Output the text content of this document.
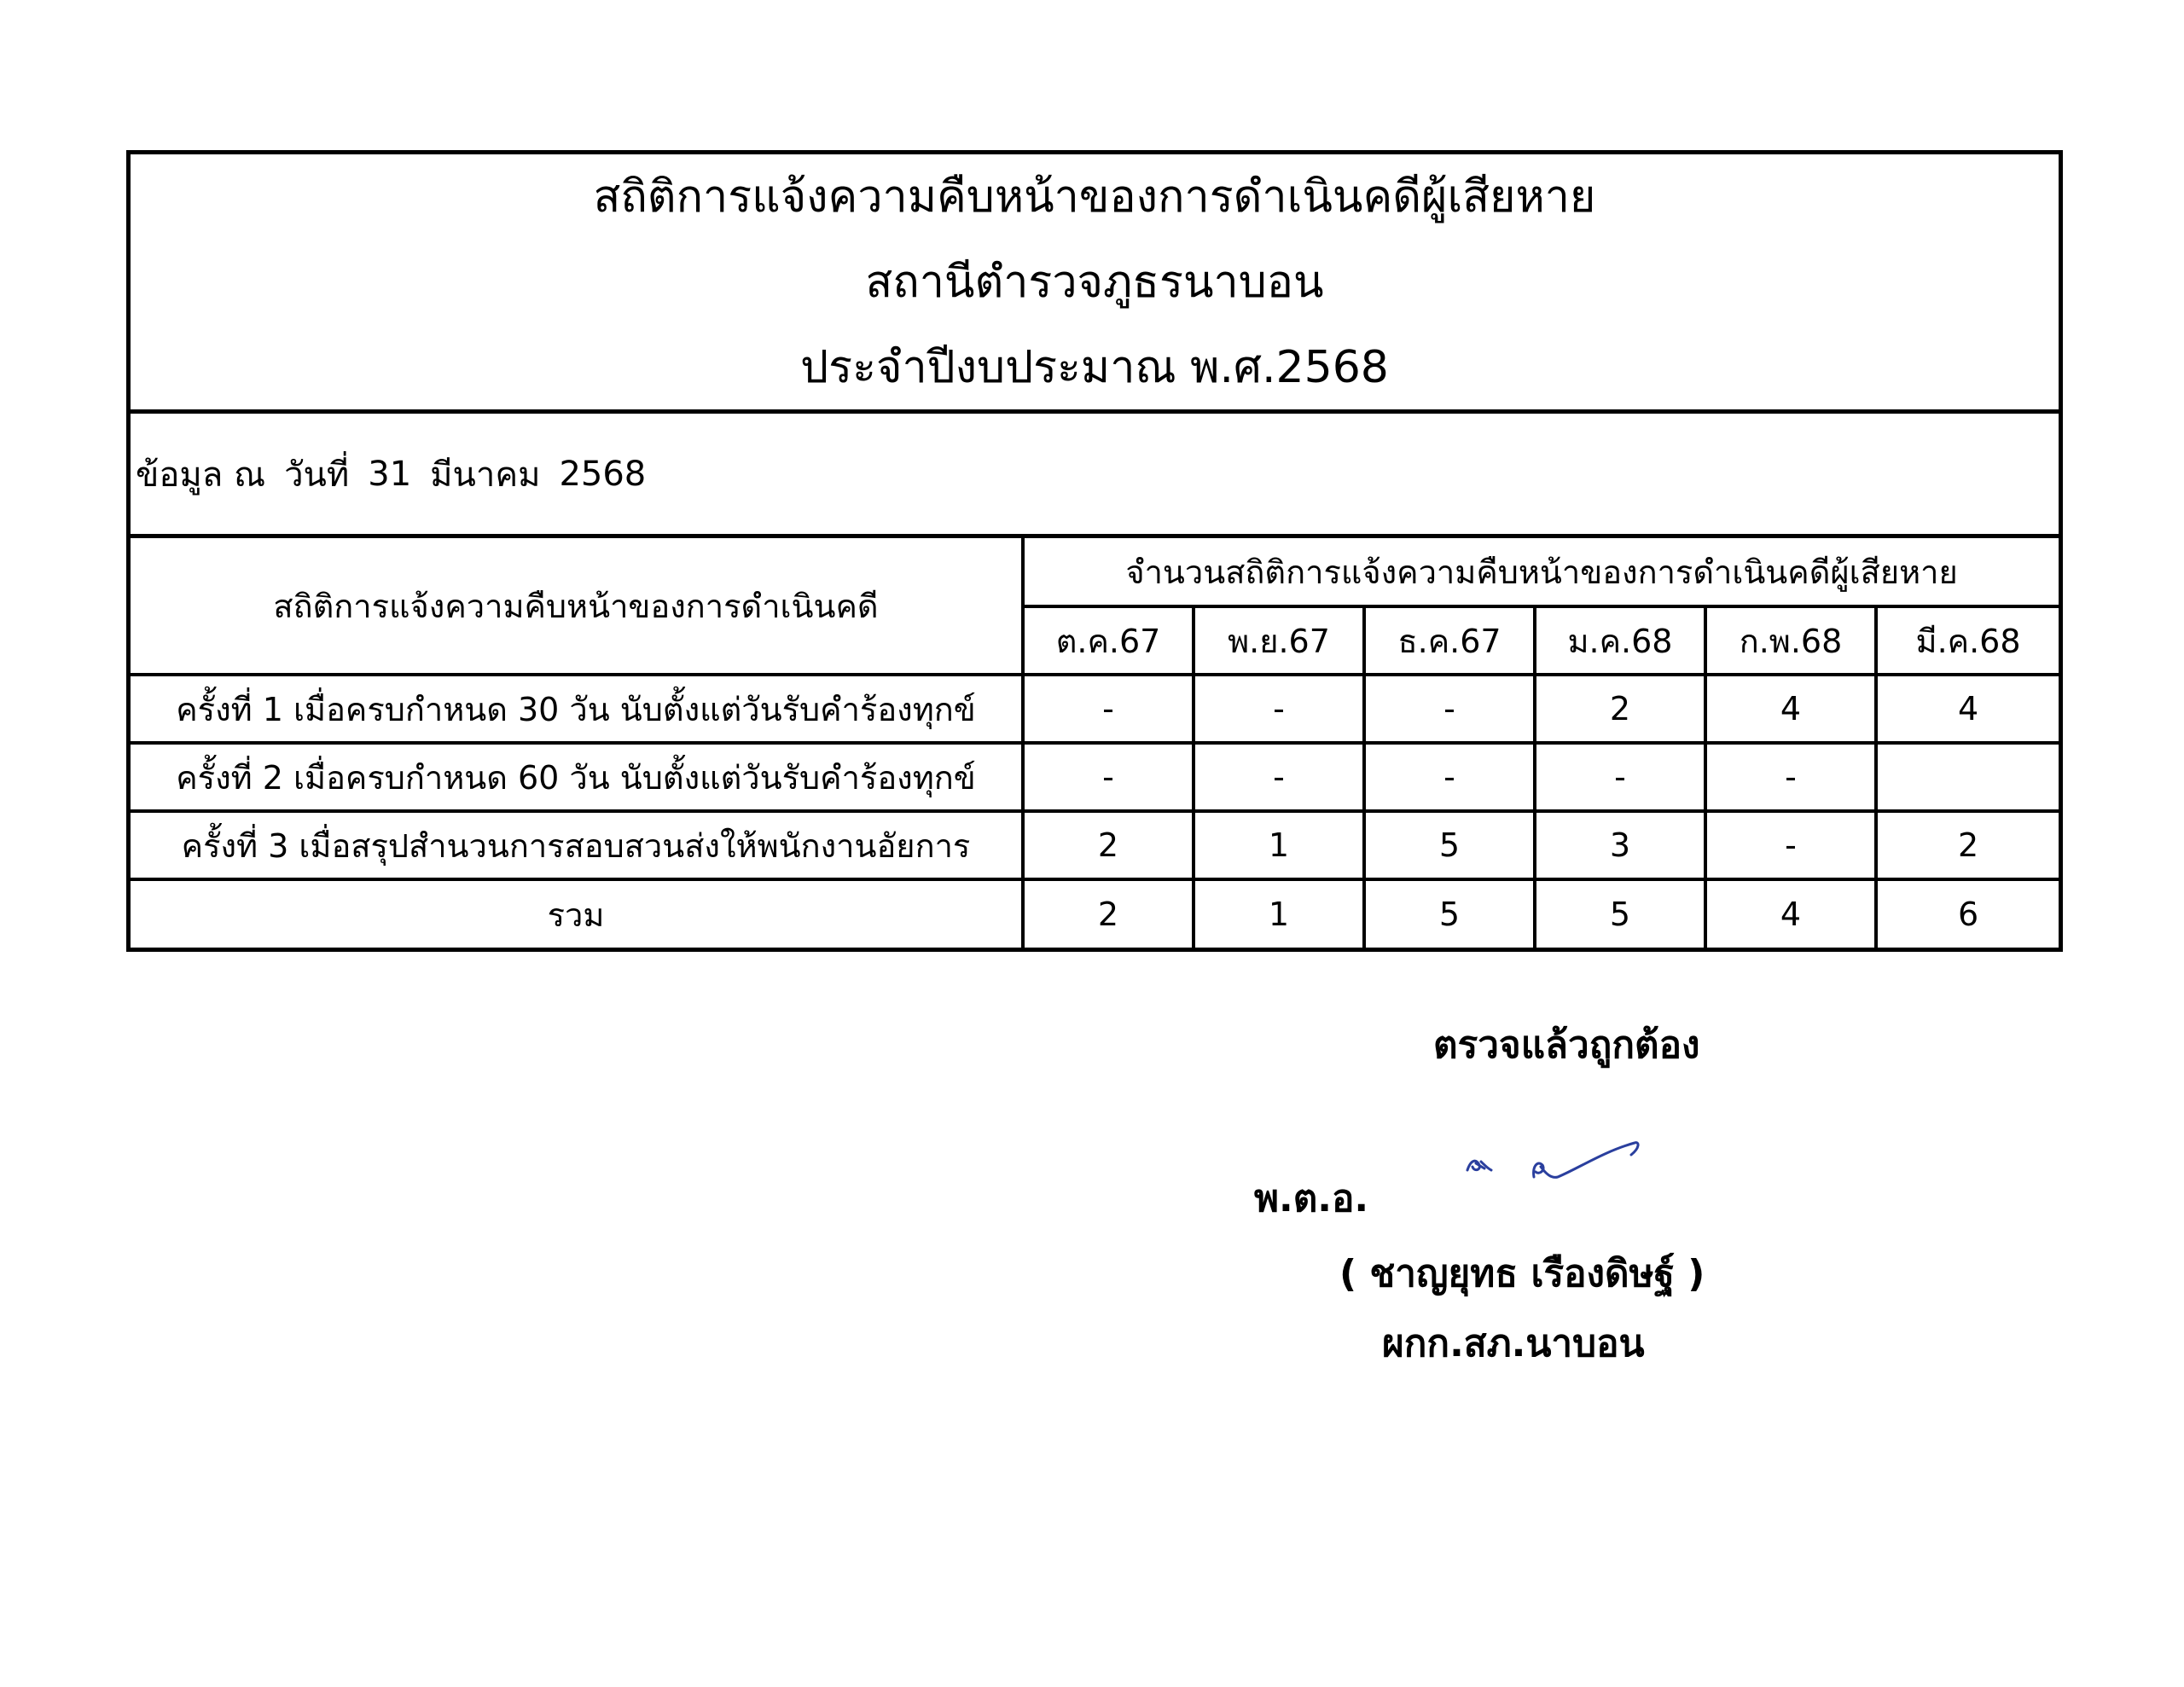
สถิติการแจ้งความคืบหน้าของการดำเนินคดีผู้เสียหาย
สถานีตำรวจภูธรนาบอน
ประจำปีงบประมาณ พ.ศ.2568
ข้อมูล ณ วันที่ 31 มีนาคม 2568
สถิติการแจ้งความคืบหน้าของการดำเนินคดี	จำนวนสถิติการแจ้งความคืบหน้าของการดำเนินคดีผู้เสียหาย					
	ต.ค.67	พ.ย.67	ธ.ค.67	ม.ค.68	ก.พ.68	มี.ค.68
ครั้งที่ 1 เมื่อครบกำหนด 30 วัน นับตั้งแต่วันรับคำร้องทุกข์	-	-	-	2	4	4
ครั้งที่ 2 เมื่อครบกำหนด 60 วัน นับตั้งแต่วันรับคำร้องทุกข์	-	-	-	-	-	
ครั้งที่ 3 เมื่อสรุปสำนวนการสอบสวนส่งให้พนักงานอัยการ	2	1	5	3	-	2
รวม	2	1	5	5	4	6
ตรวจแล้วถูกต้อง
พ.ต.อ.
( ชาญยุทธ เรืองดิษฐ์ )
ผกก.สภ.นาบอน
